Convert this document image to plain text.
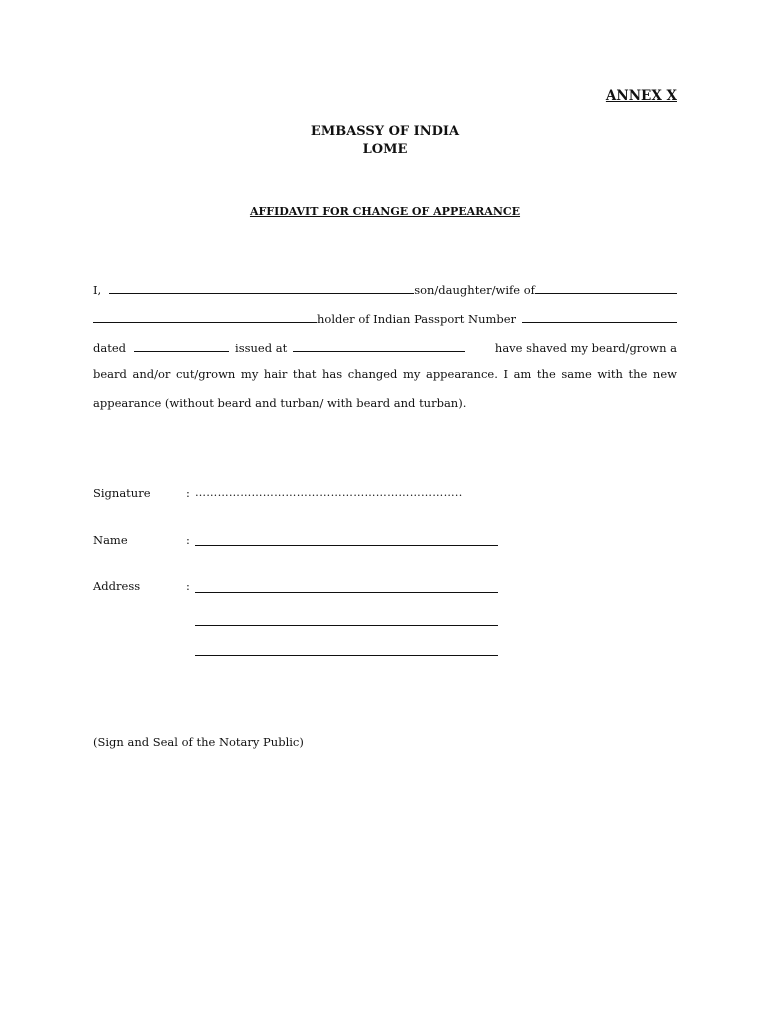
ANNEX X
EMBASSY OF INDIA
LOME
AFFIDAVIT FOR CHANGE OF APPEARANCE
I,	son/daughter/wife of
holder of Indian Passport Number
dated	issued at	have shaved my beard/grown a
beard and/or cut/grown my hair that has changed my appearance. I am the same with the new appearance (without beard and turban/ with beard and turban).
Signature	: ……………………………………………………………..
Name	:
Address	:
(Sign and Seal of the Notary Public)
